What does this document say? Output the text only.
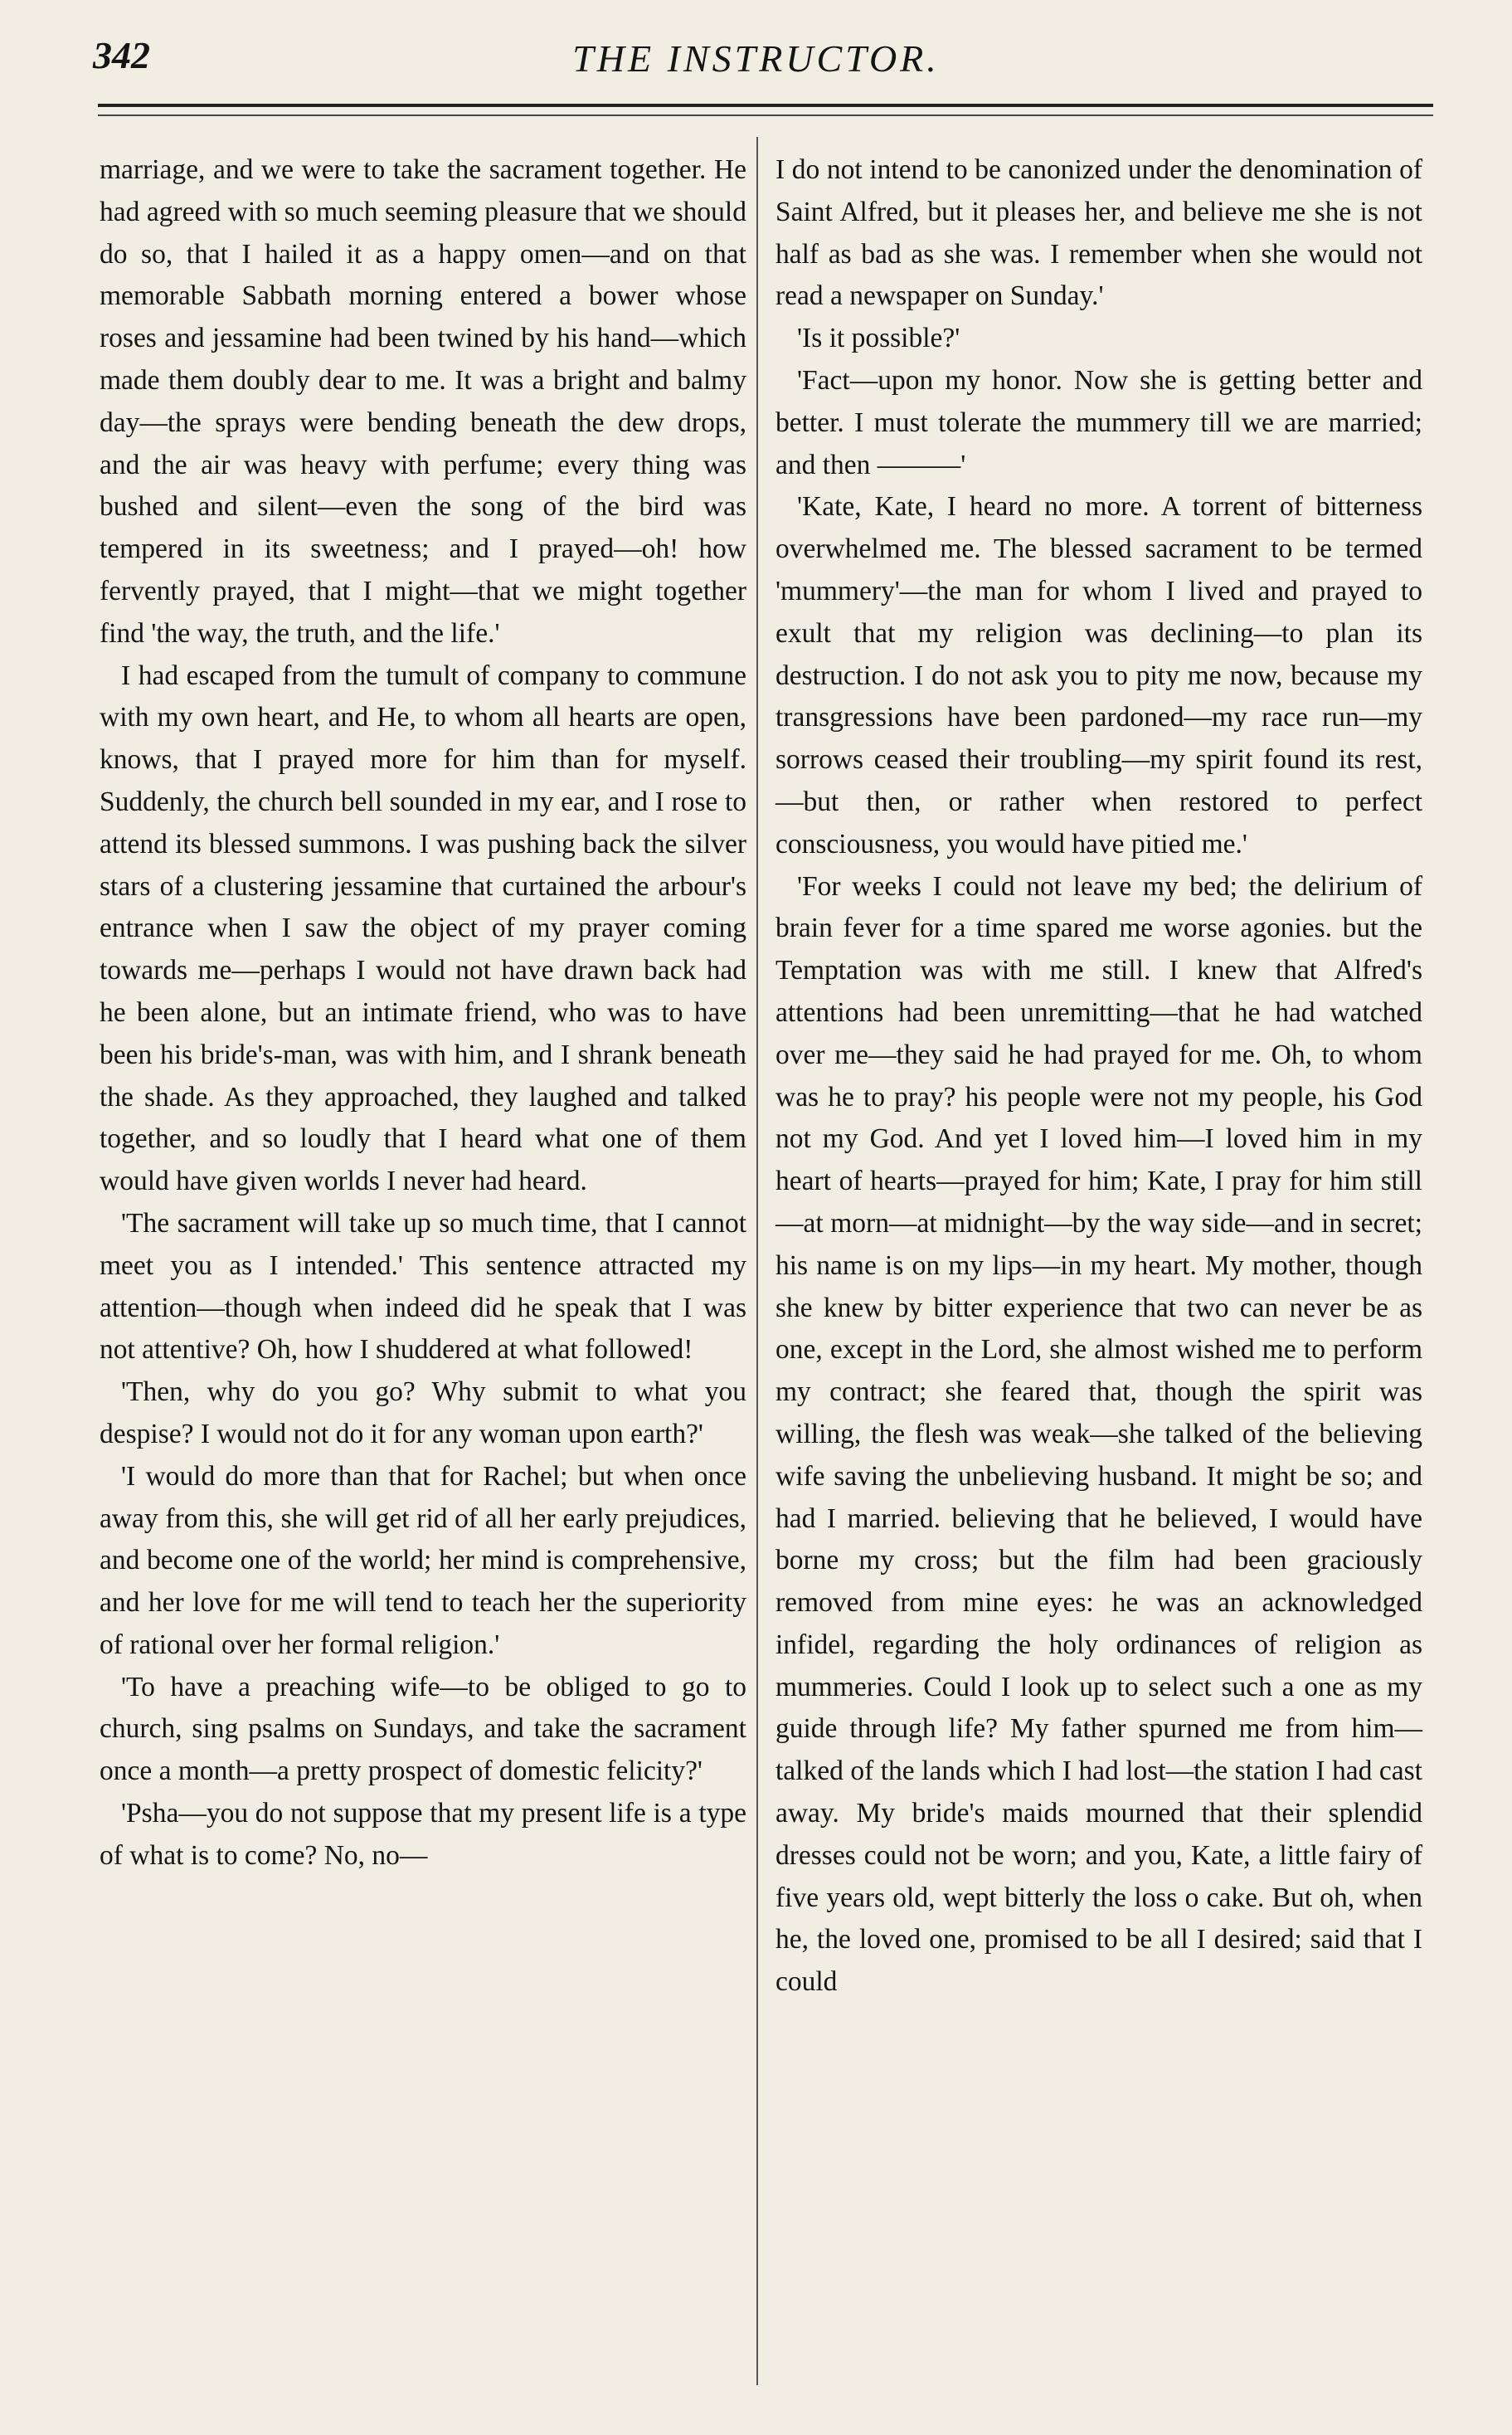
342	THE INSTRUCTOR.

marriage, and we were to take the sacrament together. He had agreed with so much seeming pleasure that we should do so, that I hailed it as a happy omen—and on that memorable Sabbath morning entered a bower whose roses and jessamine had been twined by his hand—which made them doubly dear to me. It was a bright and balmy day—the sprays were bending beneath the dew drops, and the air was heavy with perfume; every thing was bushed and silent—even the song of the bird was tempered in its sweetness; and I prayed—oh! how fervently prayed, that I might—that we might together find 'the way, the truth, and the life.'

I had escaped from the tumult of company to commune with my own heart, and He, to whom all hearts are open, knows, that I prayed more for him than for myself. Suddenly, the church bell sounded in my ear, and I rose to attend its blessed summons. I was pushing back the silver stars of a clustering jessamine that curtained the arbour's entrance when I saw the object of my prayer coming towards me—perhaps I would not have drawn back had he been alone, but an intimate friend, who was to have been his bride's-man, was with him, and I shrank beneath the shade. As they approached, they laughed and talked together, and so loudly that I heard what one of them would have given worlds I never had heard.

'The sacrament will take up so much time, that I cannot meet you as I intended.' This sentence attracted my attention—though when indeed did he speak that I was not attentive? Oh, how I shuddered at what followed!

'Then, why do you go? Why submit to what you despise? I would not do it for any woman upon earth?'

'I would do more than that for Rachel; but when once away from this, she will get rid of all her early prejudices, and become one of the world; her mind is comprehensive, and her love for me will tend to teach her the superiority of rational over her formal religion.'

'To have a preaching wife—to be obliged to go to church, sing psalms on Sundays, and take the sacrament once a month—a pretty prospect of domestic felicity?'

'Psha—you do not suppose that my present life is a type of what is to come? No, no—

I do not intend to be canonized under the denomination of Saint Alfred, but it pleases her, and believe me she is not half as bad as she was. I remember when she would not read a newspaper on Sunday.'

'Is it possible?'

'Fact—upon my honor. Now she is getting better and better. I must tolerate the mummery till we are married; and then ———'

'Kate, Kate, I heard no more. A torrent of bitterness overwhelmed me. The blessed sacrament to be termed 'mummery'—the man for whom I lived and prayed to exult that my religion was declining—to plan its destruction. I do not ask you to pity me now, because my transgressions have been pardoned—my race run—my sorrows ceased their troubling—my spirit found its rest,—but then, or rather when restored to perfect consciousness, you would have pitied me.'

'For weeks I could not leave my bed; the delirium of brain fever for a time spared me worse agonies. but the Temptation was with me still. I knew that Alfred's attentions had been unremitting—that he had watched over me—they said he had prayed for me. Oh, to whom was he to pray? his people were not my people, his God not my God. And yet I loved him—I loved him in my heart of hearts—prayed for him; Kate, I pray for him still—at morn—at midnight—by the way side—and in secret; his name is on my lips—in my heart. My mother, though she knew by bitter experience that two can never be as one, except in the Lord, she almost wished me to perform my contract; she feared that, though the spirit was willing, the flesh was weak—she talked of the believing wife saving the unbelieving husband. It might be so; and had I married. believing that he believed, I would have borne my cross; but the film had been graciously removed from mine eyes: he was an acknowledged infidel, regarding the holy ordinances of religion as mummeries. Could I look up to select such a one as my guide through life? My father spurned me from him—talked of the lands which I had lost—the station I had cast away. My bride's maids mourned that their splendid dresses could not be worn; and you, Kate, a little fairy of five years old, wept bitterly the loss o cake. But oh, when he, the loved one, promised to be all I desired; said that I could
